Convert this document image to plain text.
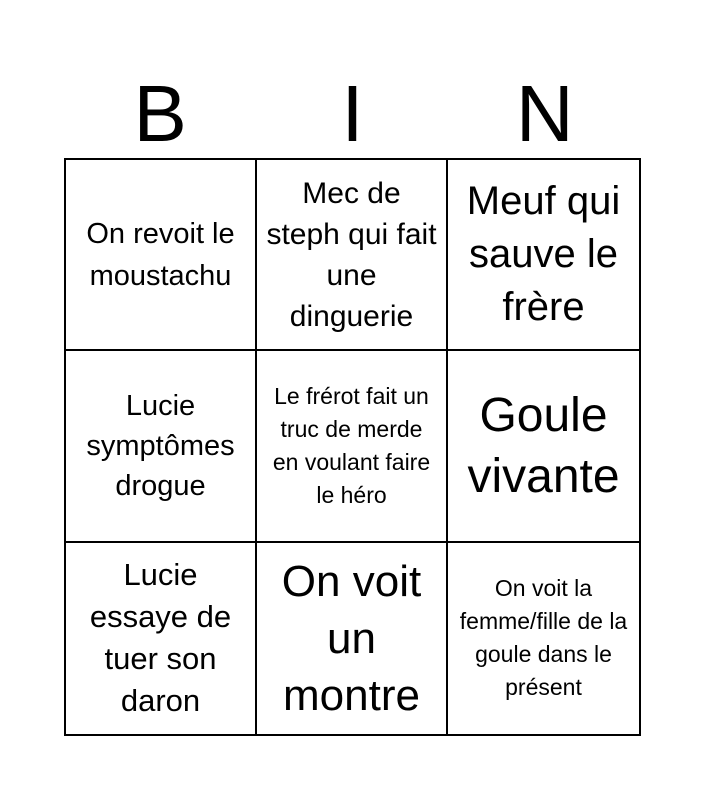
B	I	N
On revoit le moustachu
Mec de steph qui fait une dinguerie
Meuf qui sauve le frère
Lucie symptômes drogue
Le frérot fait un truc de merde en voulant faire le héro
Goule vivante
Lucie essaye de tuer son daron
On voit un montre
On voit la femme/fille de la goule dans le présent
